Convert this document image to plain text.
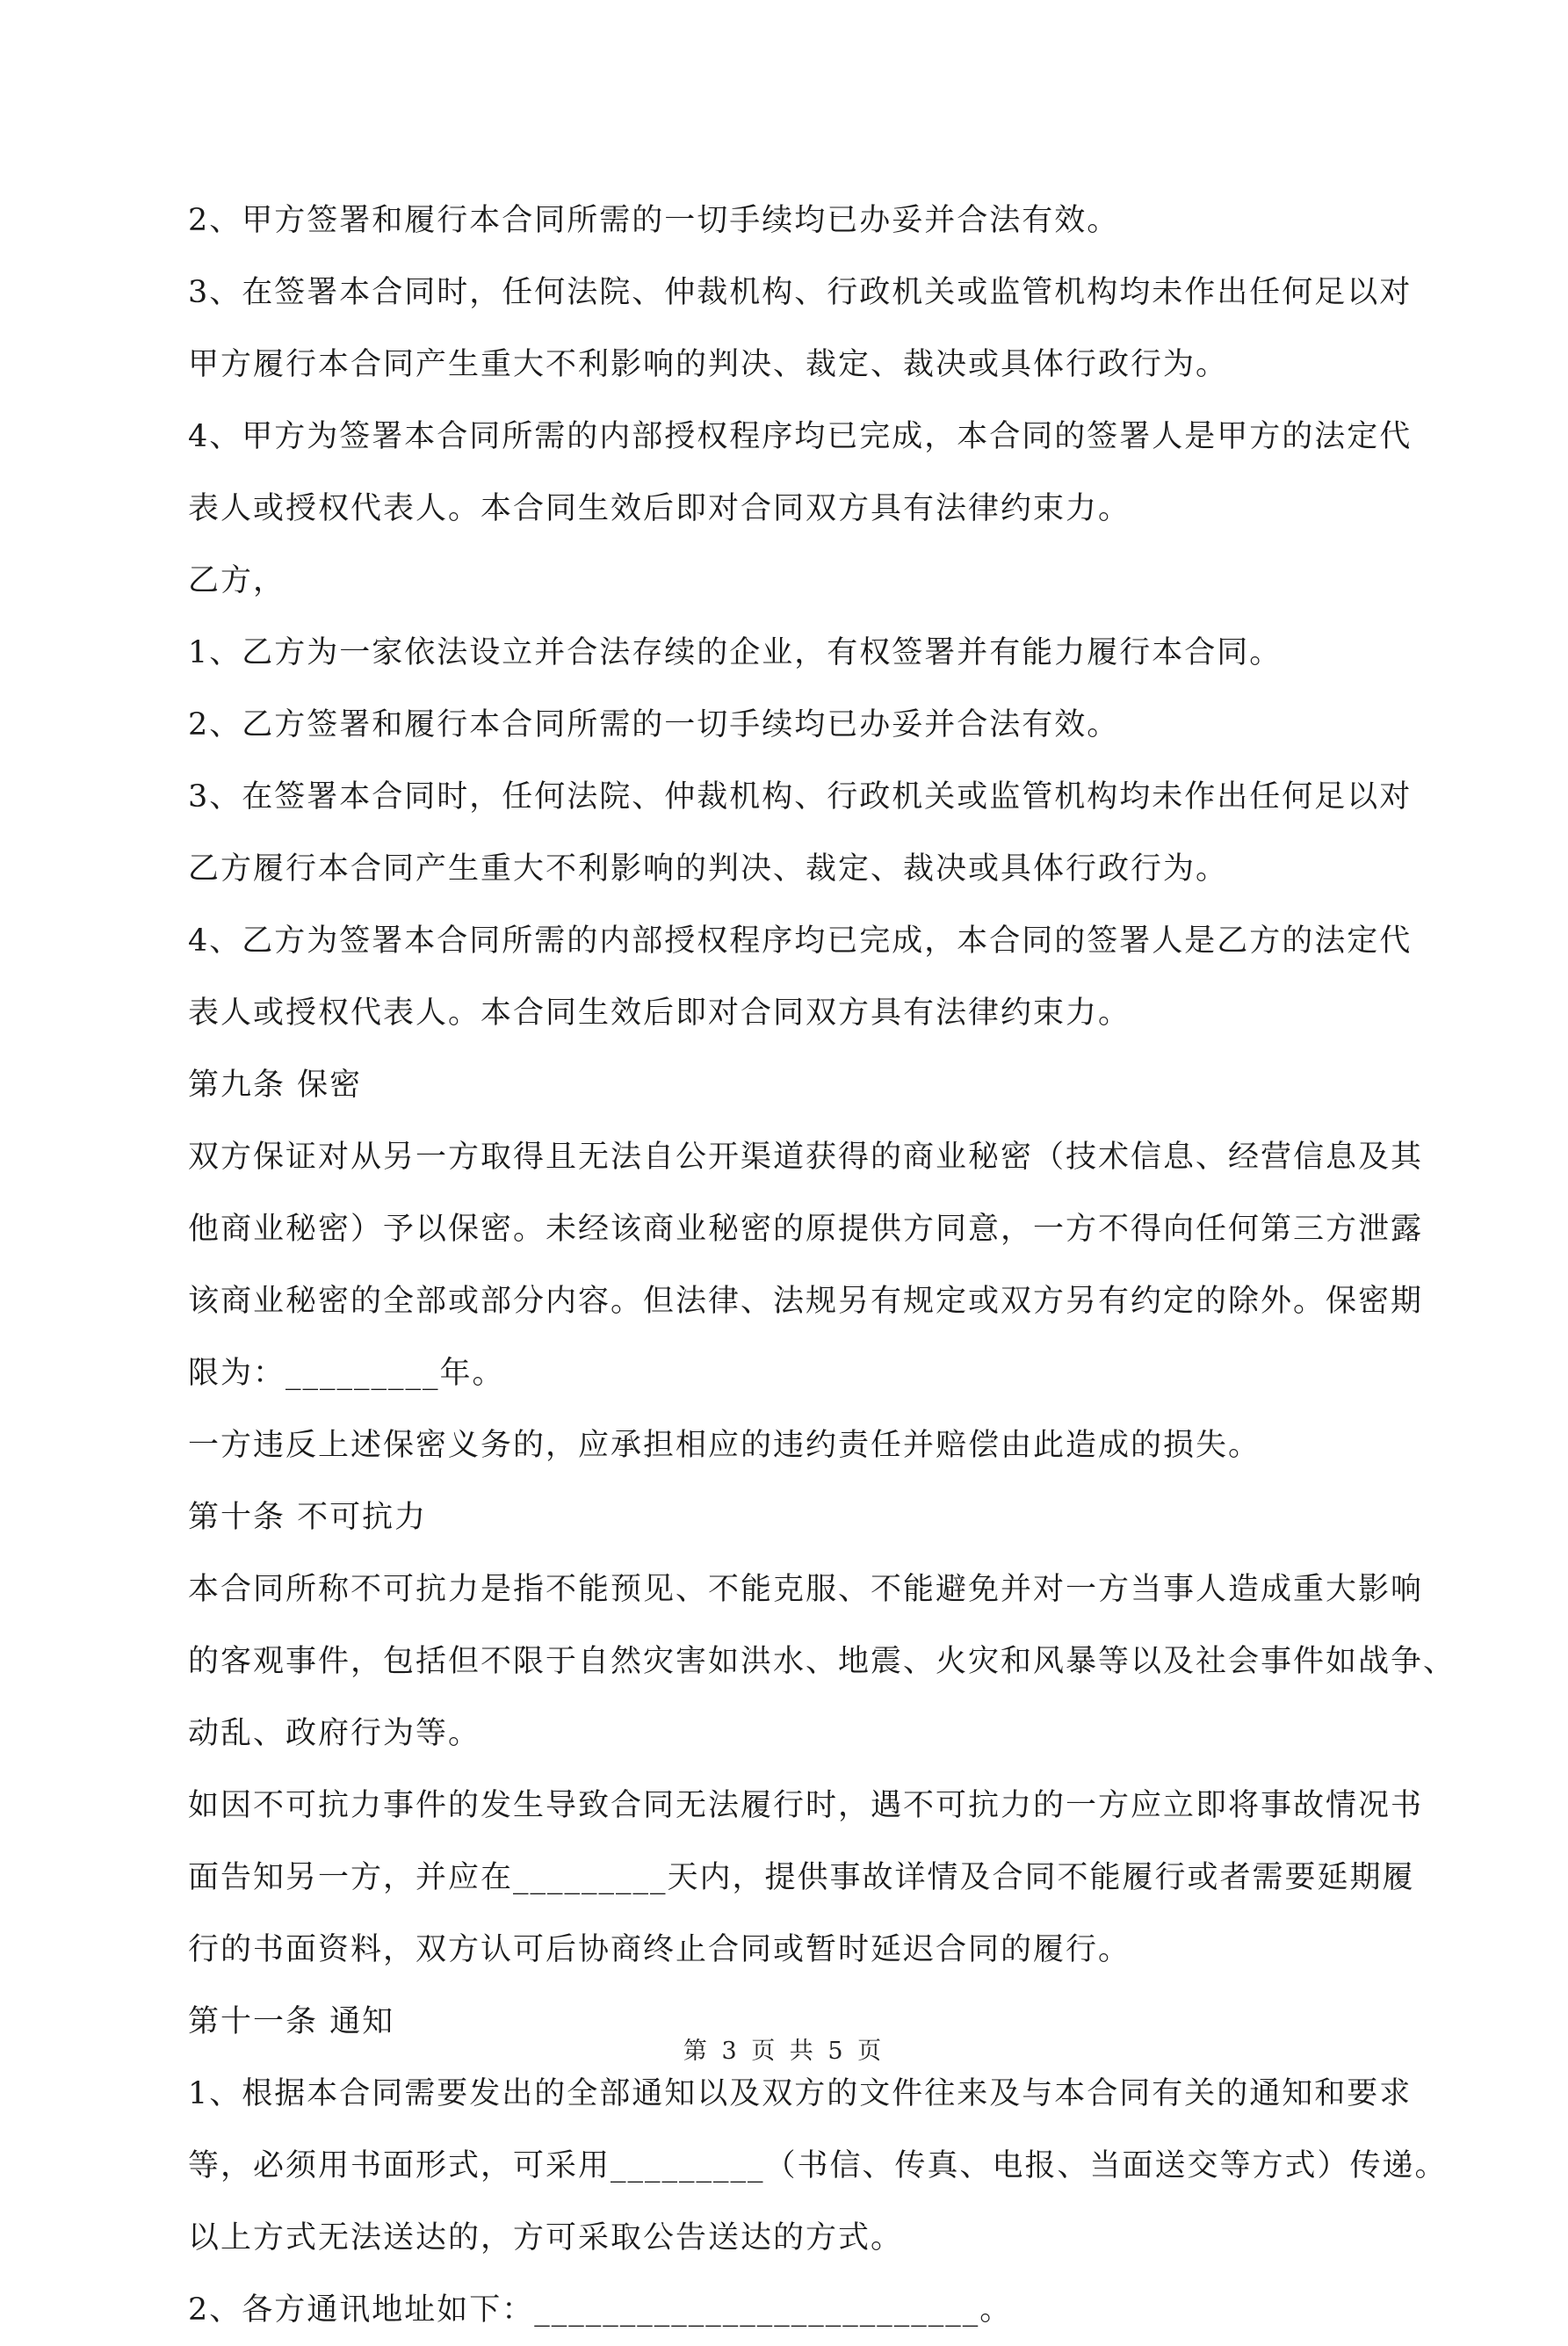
2、甲方签署和履行本合同所需的一切手续均已办妥并合法有效。
3、在签署本合同时，任何法院、仲裁机构、行政机关或监管机构均未作出任何足以对
甲方履行本合同产生重大不利影响的判决、裁定、裁决或具体行政行为。
4、甲方为签署本合同所需的内部授权程序均已完成，本合同的签署人是甲方的法定代
表人或授权代表人。本合同生效后即对合同双方具有法律约束力。
乙方，
1、乙方为一家依法设立并合法存续的企业，有权签署并有能力履行本合同。
2、乙方签署和履行本合同所需的一切手续均已办妥并合法有效。
3、在签署本合同时，任何法院、仲裁机构、行政机关或监管机构均未作出任何足以对
乙方履行本合同产生重大不利影响的判决、裁定、裁决或具体行政行为。
4、乙方为签署本合同所需的内部授权程序均已完成，本合同的签署人是乙方的法定代
表人或授权代表人。本合同生效后即对合同双方具有法律约束力。
第九条 保密
双方保证对从另一方取得且无法自公开渠道获得的商业秘密（技术信息、经营信息及其
他商业秘密）予以保密。未经该商业秘密的原提供方同意，一方不得向任何第三方泄露
该商业秘密的全部或部分内容。但法律、法规另有规定或双方另有约定的除外。保密期
限为：_________年。
一方违反上述保密义务的，应承担相应的违约责任并赔偿由此造成的损失。
第十条 不可抗力
本合同所称不可抗力是指不能预见、不能克服、不能避免并对一方当事人造成重大影响
的客观事件，包括但不限于自然灾害如洪水、地震、火灾和风暴等以及社会事件如战争、
动乱、政府行为等。
如因不可抗力事件的发生导致合同无法履行时，遇不可抗力的一方应立即将事故情况书
面告知另一方，并应在_________天内，提供事故详情及合同不能履行或者需要延期履
行的书面资料，双方认可后协商终止合同或暂时延迟合同的履行。
第十一条 通知
1、根据本合同需要发出的全部通知以及双方的文件往来及与本合同有关的通知和要求
等，必须用书面形式，可采用_________（书信、传真、电报、当面送交等方式）传递。
以上方式无法送达的，方可采取公告送达的方式。
2、各方通讯地址如下：__________________________。
第 3 页 共 5 页
